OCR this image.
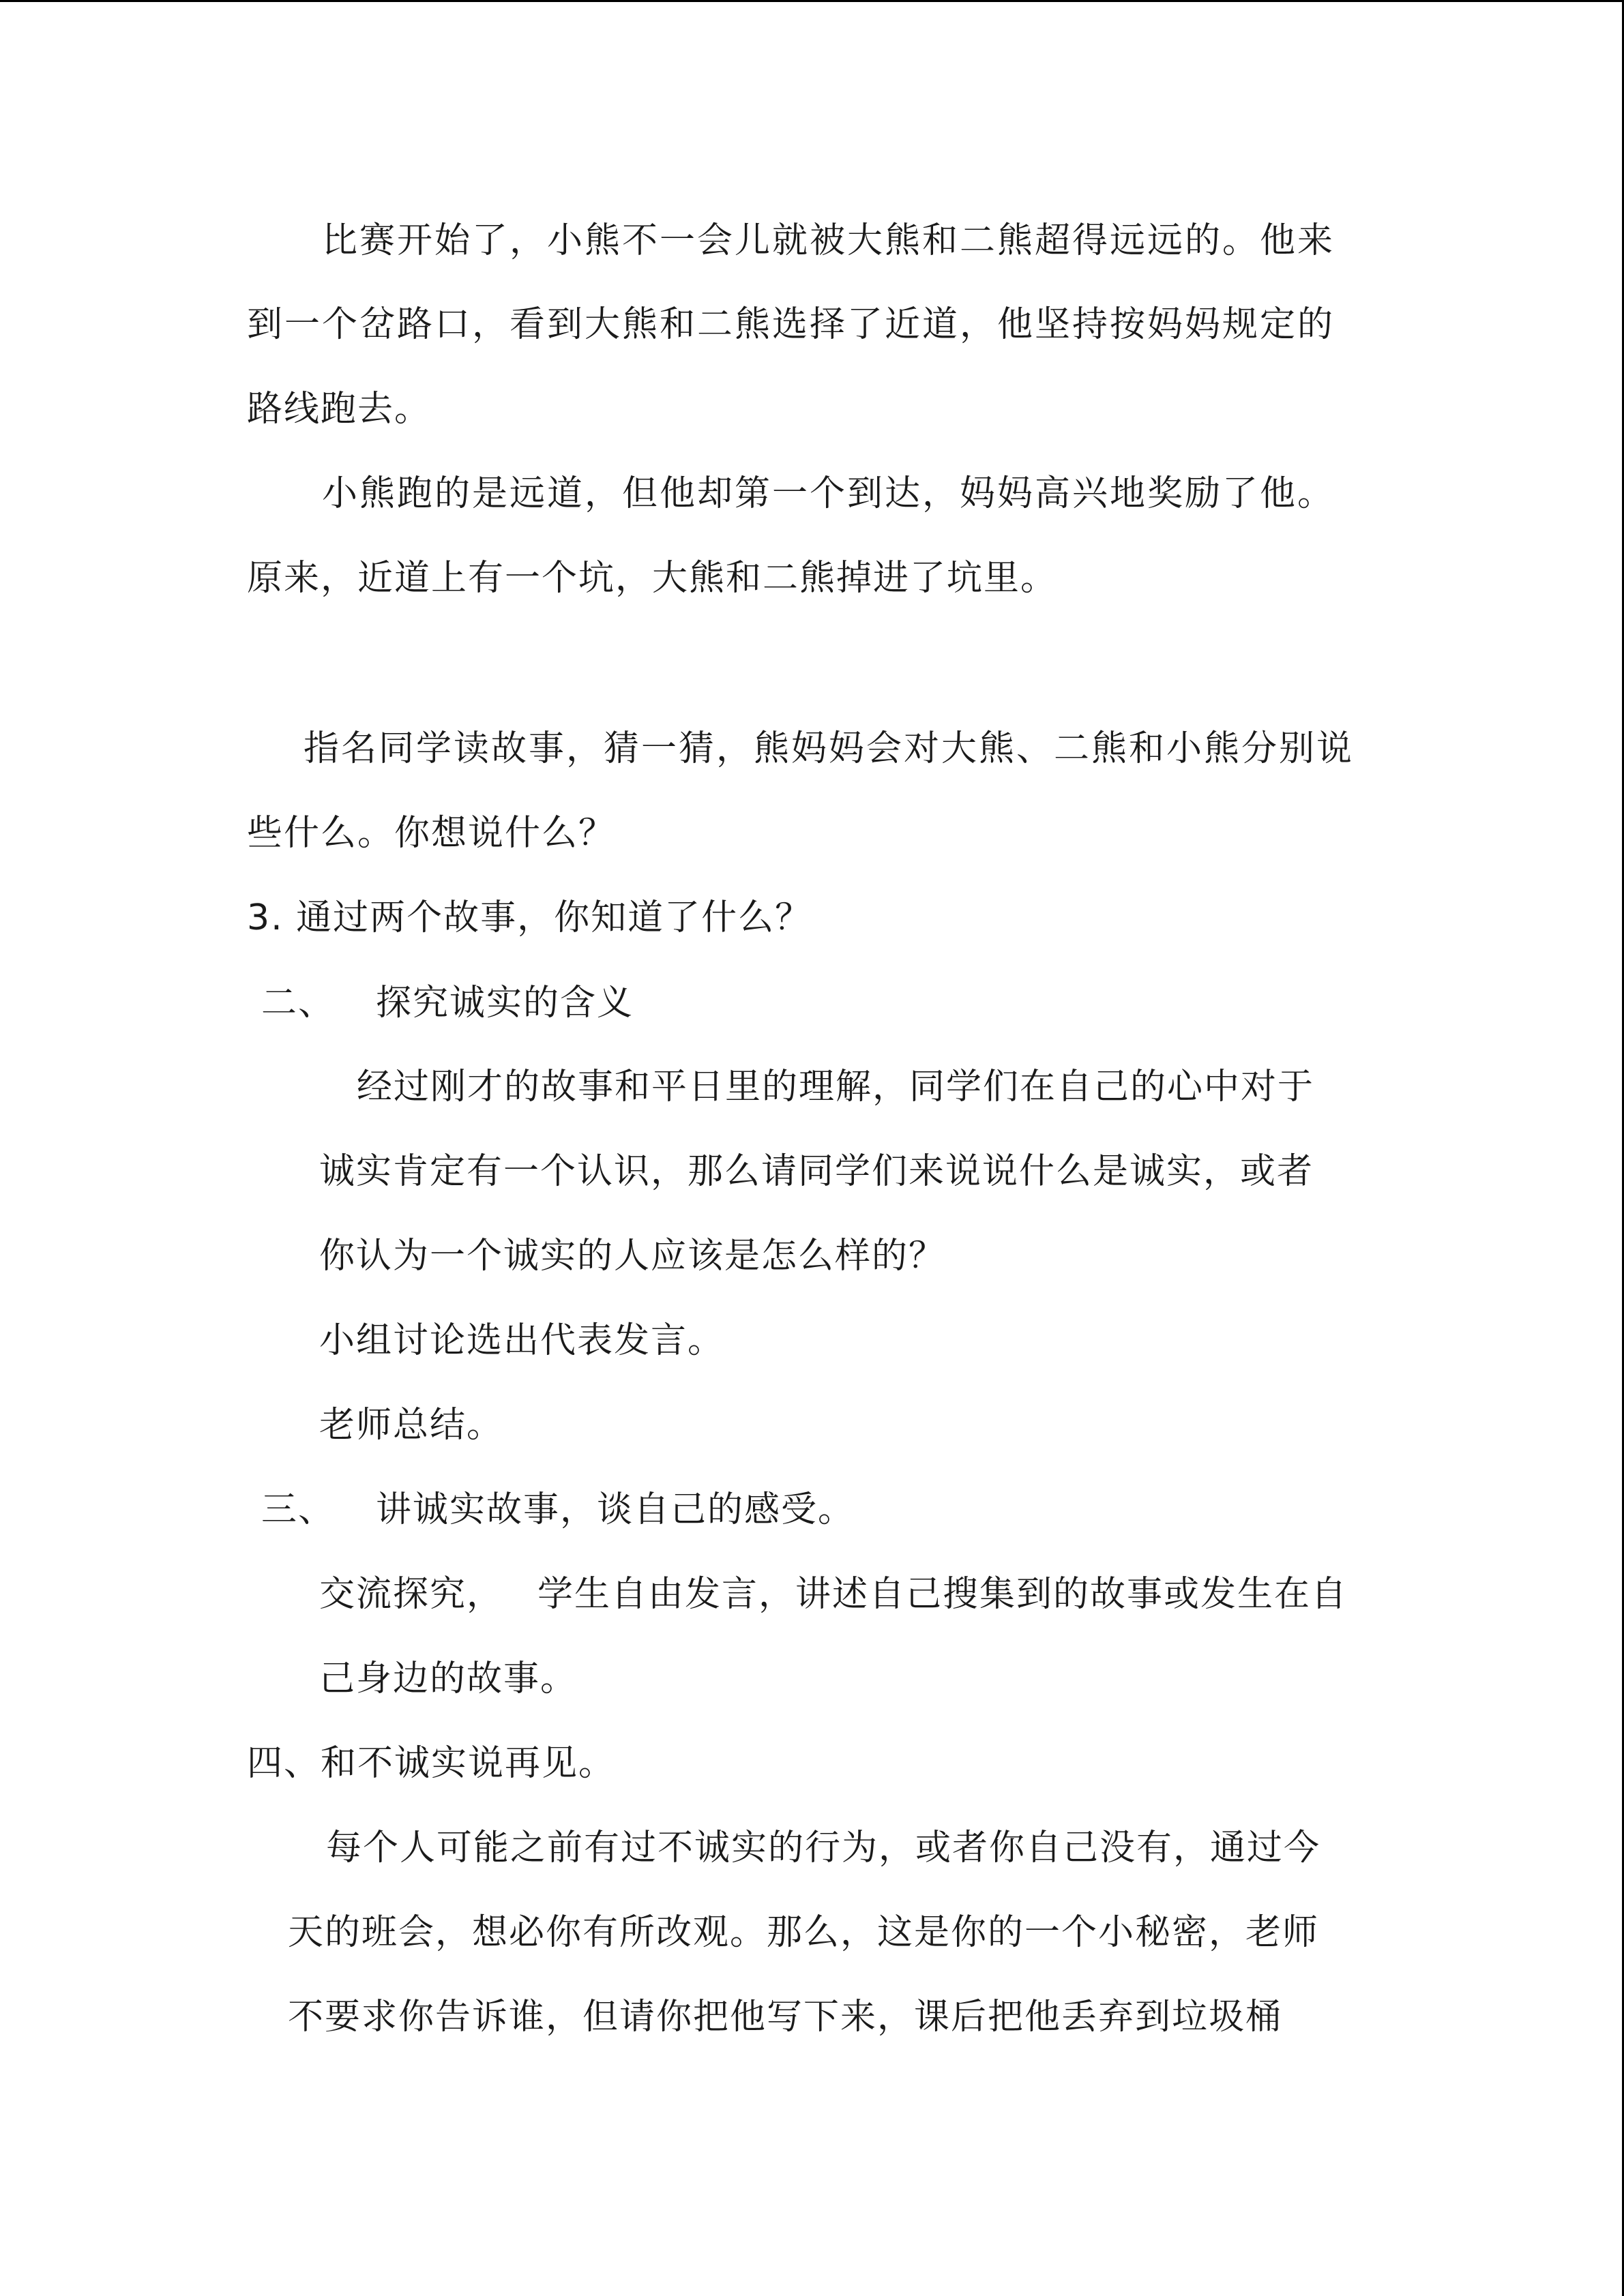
比赛开始了，小熊不一会儿就被大熊和二熊超得远远的。他来
到一个岔路口，看到大熊和二熊选择了近道，他坚持按妈妈规定的
路线跑去。
小熊跑的是远道，但他却第一个到达，妈妈高兴地奖励了他。
原来，近道上有一个坑，大熊和二熊掉进了坑里。
指名同学读故事，猜一猜，熊妈妈会对大熊、二熊和小熊分别说
些什么。你想说什么？
3. 通过两个故事，你知道了什么？
二、 探究诚实的含义
经过刚才的故事和平日里的理解，同学们在自己的心中对于
诚实肯定有一个认识，那么请同学们来说说什么是诚实，或者
你认为一个诚实的人应该是怎么样的？
小组讨论选出代表发言。
老师总结。
三、 讲诚实故事，谈自己的感受。
交流探究， 学生自由发言，讲述自己搜集到的故事或发生在自
己身边的故事。
四、和不诚实说再见。
每个人可能之前有过不诚实的行为，或者你自己没有，通过今
天的班会，想必你有所改观。那么，这是你的一个小秘密，老师
不要求你告诉谁，但请你把他写下来，课后把他丢弃到垃圾桶
